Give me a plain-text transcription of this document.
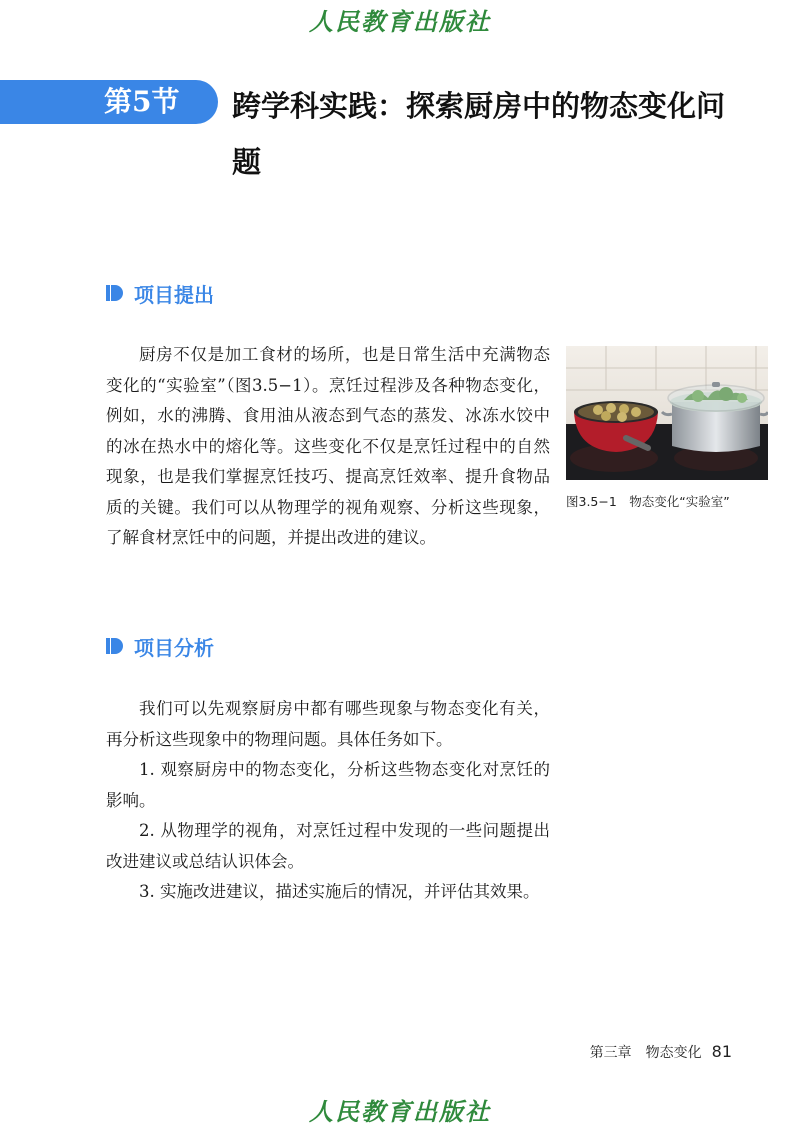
人民教育出版社
第5节	跨学科实践：探索厨房中的物态变化问题
项目提出
厨房不仅是加工食材的场所，也是日常生活中充满物态变化的“实验室”（图3.5−1）。烹饪过程涉及各种物态变化，例如，水的沸腾、食用油从液态到气态的蒸发、冰冻水饺中的冰在热水中的熔化等。这些变化不仅是烹饪过程中的自然现象，也是我们掌握烹饪技巧、提高烹饪效率、提升食物品质的关键。我们可以从物理学的视角观察、分析这些现象，了解食材烹饪中的问题，并提出改进的建议。
图3.5−1　物态变化“实验室”
项目分析
我们可以先观察厨房中都有哪些现象与物态变化有关，再分析这些现象中的物理问题。具体任务如下。
1. 观察厨房中的物态变化，分析这些物态变化对烹饪的影响。
2. 从物理学的视角，对烹饪过程中发现的一些问题提出改进建议或总结认识体会。
3. 实施改进建议，描述实施后的情况，并评估其效果。
第三章　物态变化 81
人民教育出版社
